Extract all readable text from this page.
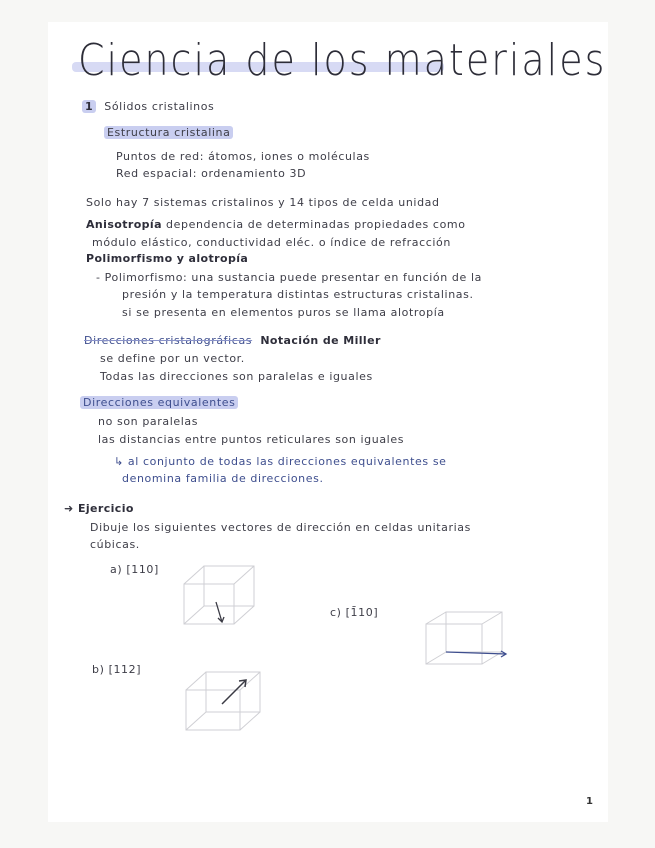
Ciencia de los materiales
1 Sólidos cristalinos
Estructura cristalina
Puntos de red: átomos, iones o moléculas
Red espacial: ordenamiento 3D
Solo hay 7 sistemas cristalinos y 14 tipos de celda unidad
Anisotropía dependencia de determinadas propiedades como
módulo elástico, conductividad eléc. o índice de refracción
Polimorfismo y alotropía
- Polimorfismo: una sustancia puede presentar en función de la
presión y la temperatura distintas estructuras cristalinas.
si se presenta en elementos puros se llama alotropía
Direcciones cristalográficas Notación de Miller
se define por un vector.
Todas las direcciones son paralelas e iguales
Direcciones equivalentes
no son paralelas
las distancias entre puntos reticulares son iguales
↳ al conjunto de todas las direcciones equivalentes se
denomina familia de direcciones.
➜ Ejercicio
Dibuje los siguientes vectores de dirección en celdas unitarias
cúbicas.
a) [110]
c) [1̄10]
b) [112]
1
